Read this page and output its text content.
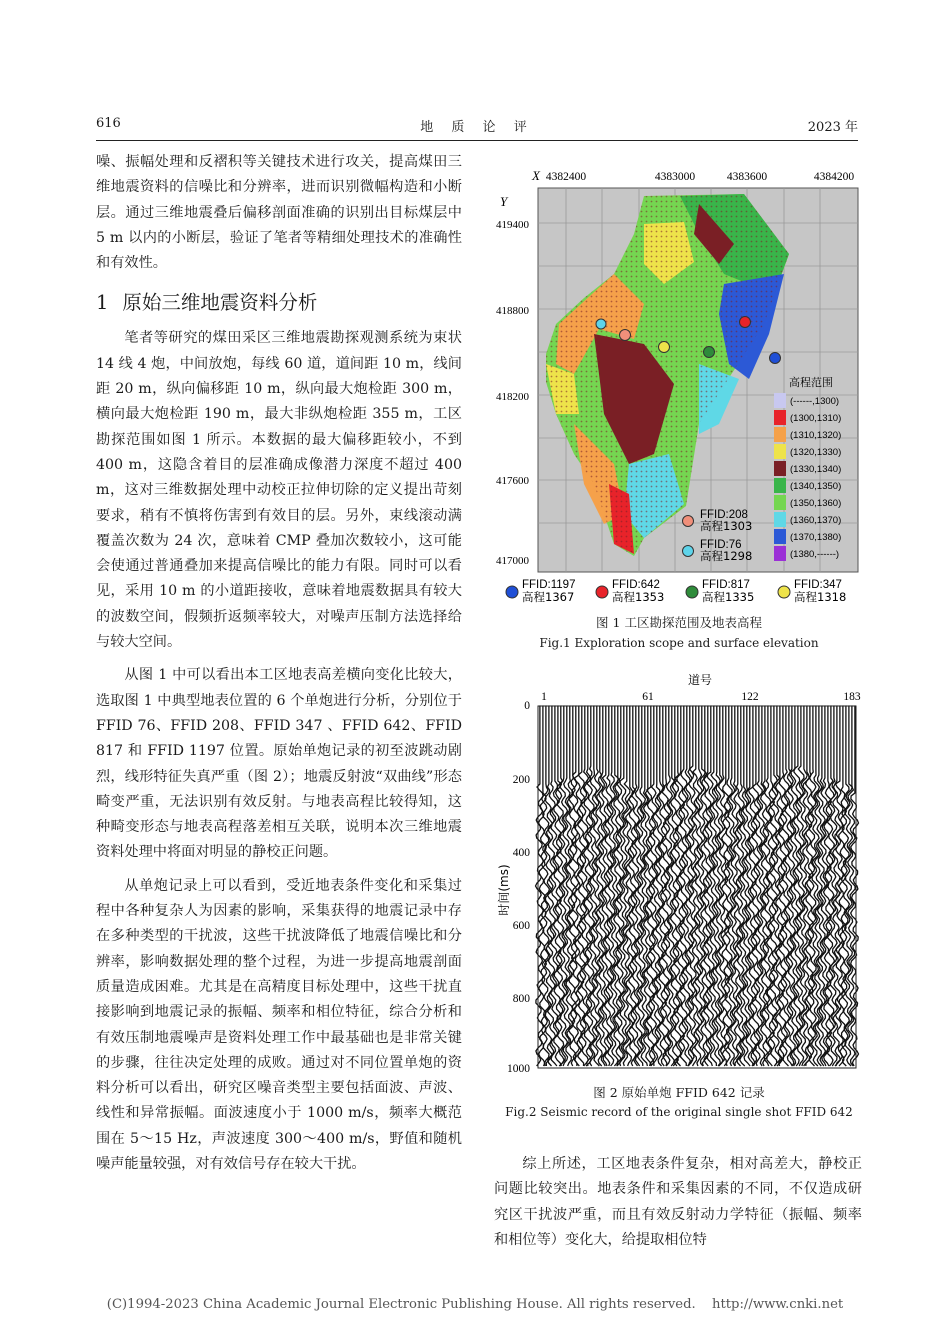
616	地 质 论 评	2023 年

噪、振幅处理和反褶积等关键技术进行攻关，提高煤田三维地震资料的信噪比和分辨率，进而识别微幅构造和小断层。通过三维地震叠后偏移剖面准确的识别出目标煤层中 5 m 以内的小断层，验证了笔者等精细处理技术的准确性和有效性。

1 原始三维地震资料分析

笔者等研究的煤田采区三维地震勘探观测系统为束状 14 线 4 炮，中间放炮，每线 60 道，道间距 10 m，线间距 20 m，纵向偏移距 10 m，纵向最大炮检距 300 m，横向最大炮检距 190 m，最大非纵炮检距 355 m，工区勘探范围如图 1 所示。本数据的最大偏移距较小，不到 400 m，这隐含着目的层准确成像潜力深度不超过 400 m，这对三维数据处理中动校正拉伸切除的定义提出苛刻要求，稍有不慎将伤害到有效目的层。另外，束线滚动满覆盖次数为 24 次，意味着 CMP 叠加次数较小，这可能会使通过普通叠加来提高信噪比的能力有限。同时可以看见，采用 10 m 的小道距接收，意味着地震数据具有较大的波数空间，假频折返频率较大，对噪声压制方法选择给与较大空间。

从图 1 中可以看出本工区地表高差横向变化比较大，选取图 1 中典型地表位置的 6 个单炮进行分析，分别位于 FFID 76、FFID 208、FFID 347 、FFID 642、FFID 817 和 FFID 1197 位置。原始单炮记录的初至波跳动剧烈，线形特征失真严重（图 2）；地震反射波“双曲线”形态畸变严重，无法识别有效反射。与地表高程比较得知，这种畸变形态与地表高程落差相互关联，说明本次三维地震资料处理中将面对明显的静校正问题。

从单炮记录上可以看到，受近地表条件变化和采集过程中各种复杂人为因素的影响，采集获得的地震记录中存在多种类型的干扰波，这些干扰波降低了地震信噪比和分辨率，影响数据处理的整个过程，为进一步提高地震剖面质量造成困难。尤其是在高精度目标处理中，这些干扰直接影响到地震记录的振幅、频率和相位特征，综合分析和有效压制地震噪声是资料处理工作中最基础也是非常关键的步骤，往往决定处理的成败。通过对不同位置单炮的资料分析可以看出，研究区噪音类型主要包括面波、声波、线性和异常振幅。面波速度小于 1000 m/s，频率大概范围在 5～15 Hz，声波速度 300～400 m/s，野值和随机噪声能量较强，对有效信号存在较大干扰。

X 4382400	4383000	4383600	4384200
Y
419400
418800
418200
417600
417000
FFID:208
高程1303
FFID:76
高程1298
高程范围
(------,1300)
(1300,1310)
(1310,1320)
(1320,1330)
(1330,1340)
(1340,1350)
(1350,1360)
(1360,1370)
(1370,1380)
(1380,------)
FFID:1197
高程1367
FFID:642
高程1353
FFID:817
高程1335
FFID:347
高程1318
图 1 工区勘探范围及地表高程
Fig.1 Exploration scope and surface elevation
道号
1	61	122	183
0
200
400
600
800
1000
时间(ms)
图 2 原始单炮 FFID 642 记录
Fig.2 Seismic record of the original single shot FFID 642

综上所述，工区地表条件复杂，相对高差大，静校正问题比较突出。地表条件和采集因素的不同，不仅造成研究区干扰波严重，而且有效反射动力学特征（振幅、频率和相位等）变化大，给提取相位特

(C)1994-2023 China Academic Journal Electronic Publishing House. All rights reserved. http://www.cnki.net
